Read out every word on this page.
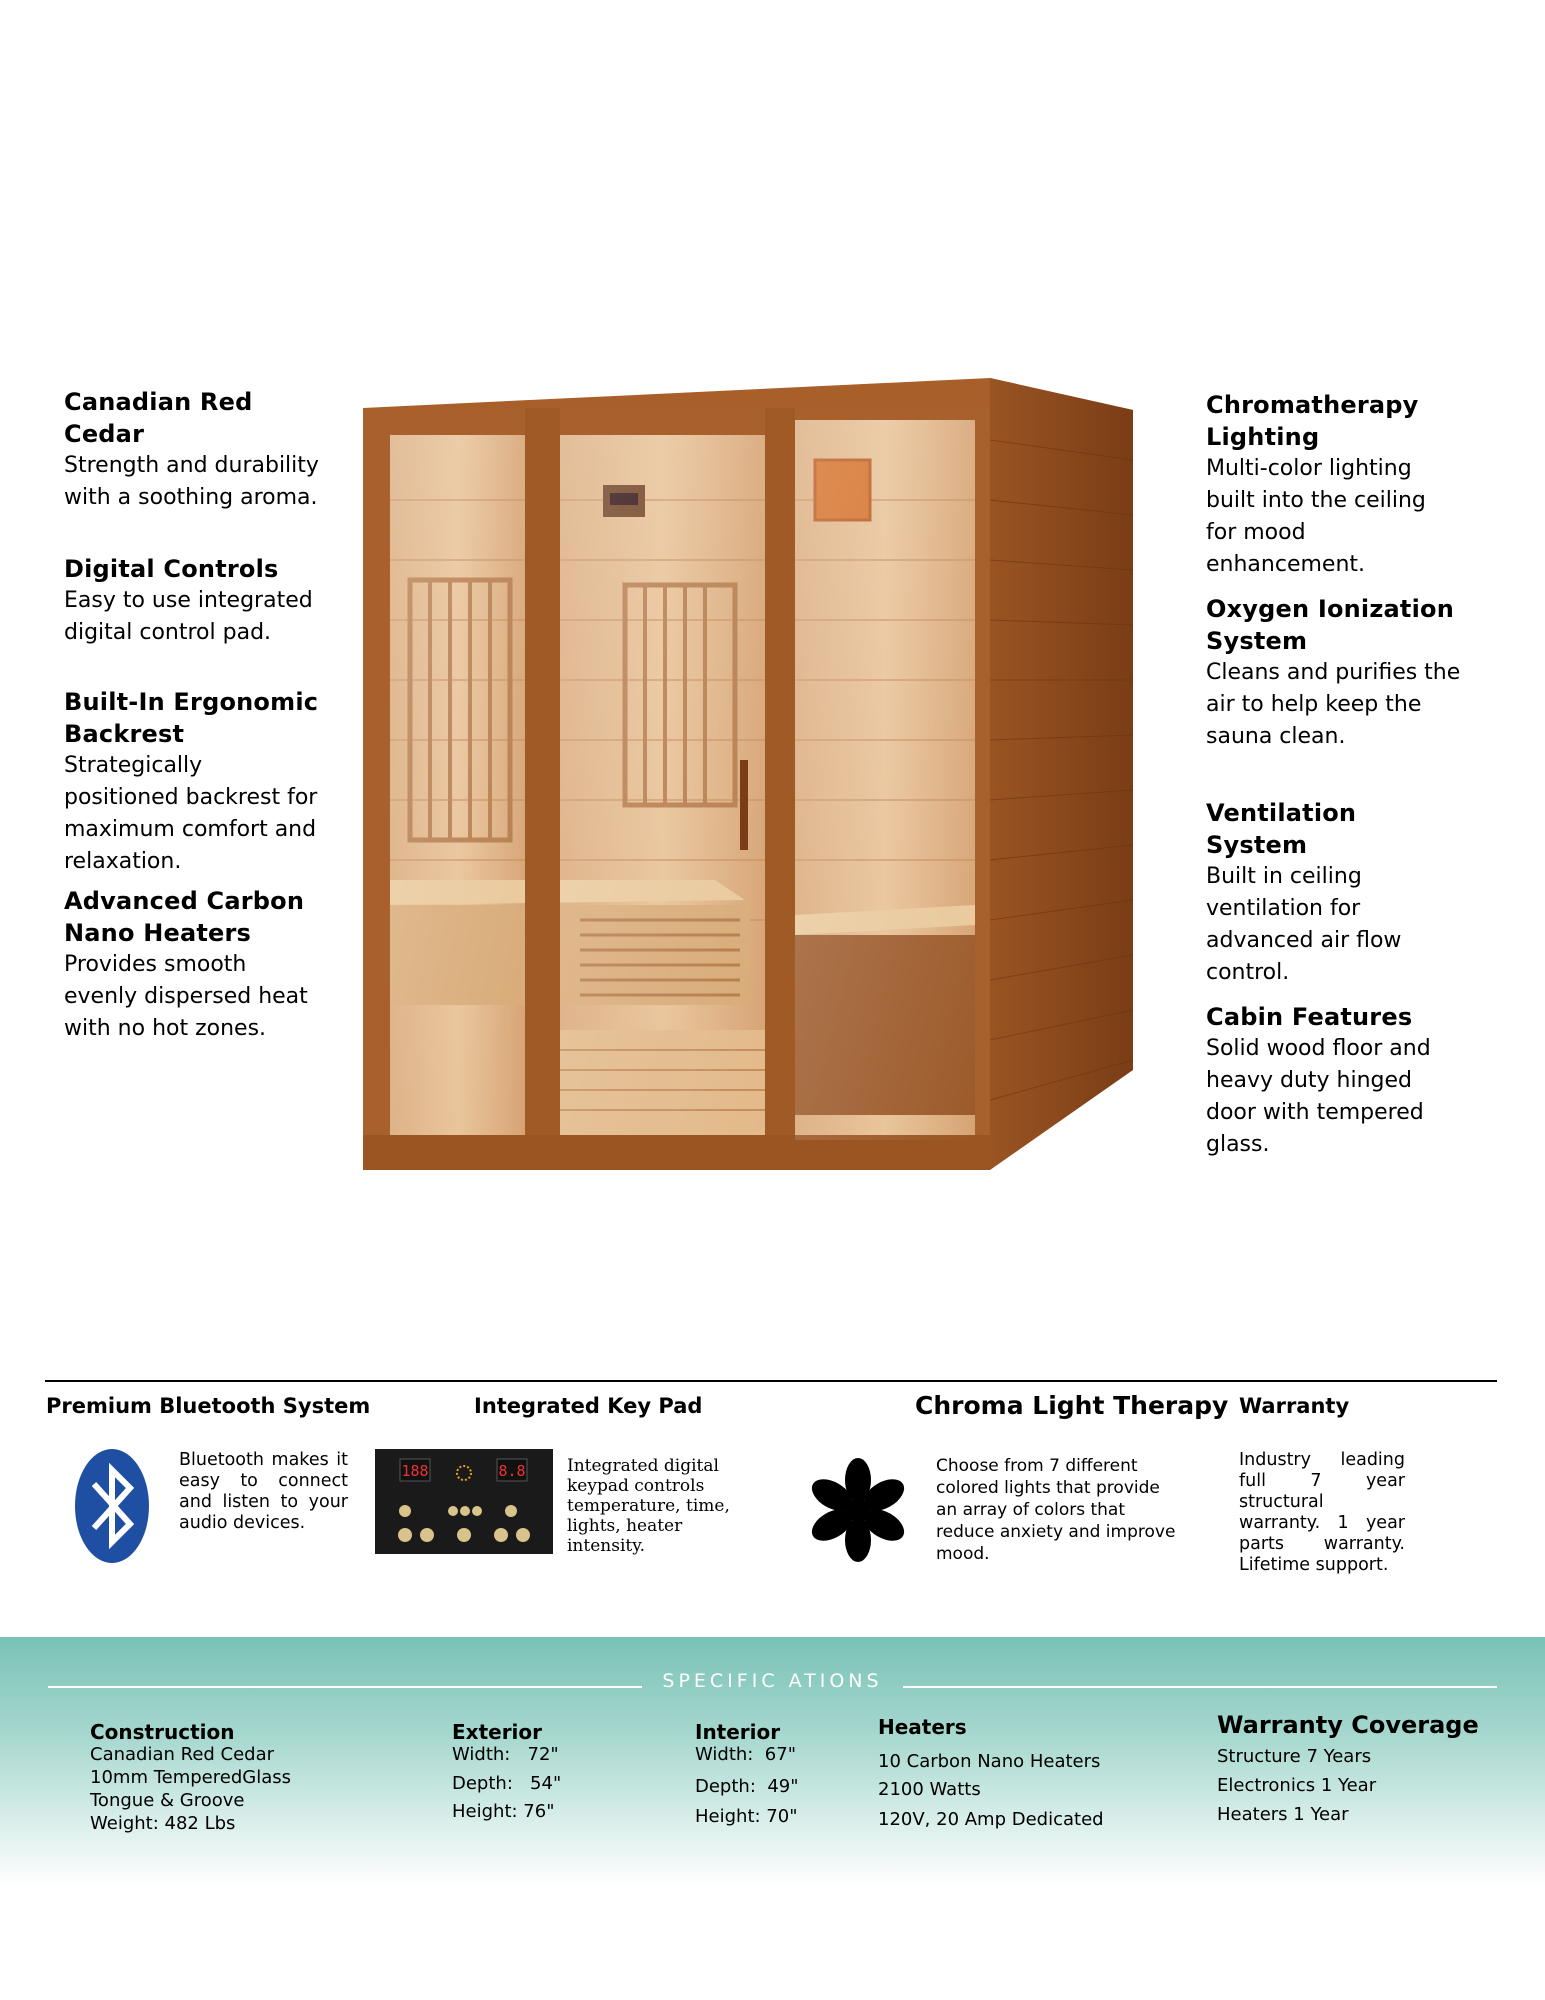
Canadian Red Cedar
Strength and durability with a soothing aroma.
Digital Controls
Easy to use integrated digital control pad.
Built-In Ergonomic Backrest
Strategically positioned backrest for maximum comfort and relaxation.
Advanced Carbon Nano Heaters
Provides smooth evenly dispersed heat with no hot zones.
Chromatherapy Lighting
Multi-color lighting built into the ceiling for mood enhancement.
Oxygen Ionization System
Cleans and purifies the air to help keep the sauna clean.
Ventilation System
Built in ceiling ventilation for advanced air flow control.
Cabin Features
Solid wood floor and heavy duty hinged door with tempered glass.
Premium Bluetooth System
Bluetooth makes it easy to connect and listen to your audio devices.
Integrated Key Pad
188	8.8 Integrated digital keypad controls temperature, time, lights, heater intensity.
Chroma Light Therapy
Choose from 7 different colored lights that provide an array of colors that reduce anxiety and improve mood.
Warranty
Industry leading full 7 year structural warranty. 1 year parts warranty. Lifetime support.
SPECIFIC ATIONS
Construction
Canadian Red Cedar
10mm TemperedGlass
Tongue & Groove
Weight: 482 Lbs
Exterior
Width:   72"
Depth:   54"
Height: 76"
Interior
Width:  67"
Depth:  49"
Height: 70"
Heaters
10 Carbon Nano Heaters
2100 Watts
120V, 20 Amp Dedicated
Warranty Coverage
Structure 7 Years
Electronics 1 Year
Heaters 1 Year
